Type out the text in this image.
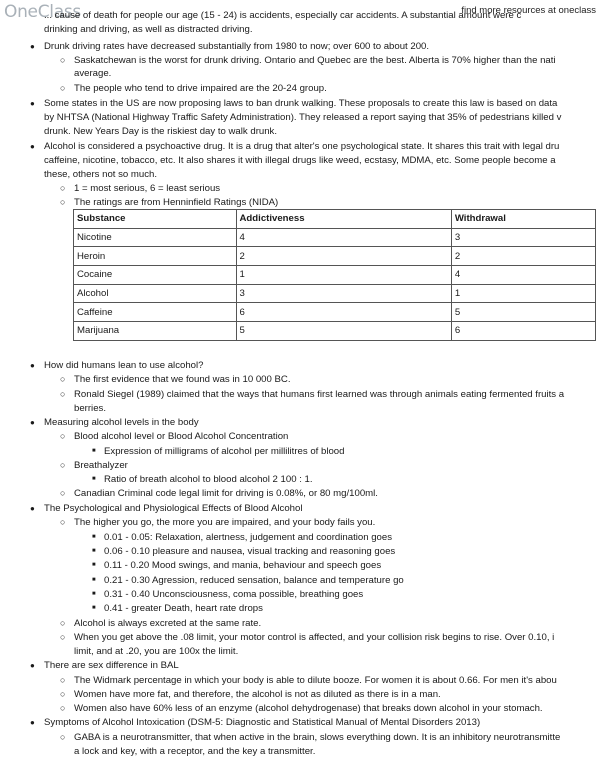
OneClass	find more resources at oneclass
... cause of death for people our age (15 - 24) is accidents, especially car accidents. A substantial amount were c
drinking and driving, as well as distracted driving.
● Drunk driving rates have decreased substantially from 1980 to now; over 600 to about 200.
○ Saskatchewan is the worst for drunk driving. Ontario and Quebec are the best. Alberta is 70% higher than the nati
average.
○ The people who tend to drive impaired are the 20-24 group.
● Some states in the US are now proposing laws to ban drunk walking. These proposals to create this law is based on data
by NHTSA (National Highway Traffic Safety Administration). They released a report saying that 35% of pedestrians killed v
drunk. New Years Day is the riskiest day to walk drunk.
● Alcohol is considered a psychoactive drug. It is a drug that alter's one psychological state. It shares this trait with legal dru
caffeine, nicotine, tobacco, etc. It also shares it with illegal drugs like weed, ecstasy, MDMA, etc. Some people become a
these, others not so much.
○ 1 = most serious, 6 = least serious
○ The ratings are from Henninfield Ratings (NIDA)
Substance	Addictiveness	Withdrawal
Nicotine	4	3
Heroin	2	2
Cocaine	1	4
Alcohol	3	1
Caffeine	6	5
Marijuana	5	6
● How did humans lean to use alcohol?
○ The first evidence that we found was in 10 000 BC.
○ Ronald Siegel (1989) claimed that the ways that humans first learned was through animals eating fermented fruits a
berries.
● Measuring alcohol levels in the body
○ Blood alcohol level or Blood Alcohol Concentration
■ Expression of milligrams of alcohol per millilitres of blood
○ Breathalyzer
■ Ratio of breath alcohol to blood alcohol 2 100 : 1.
○ Canadian Criminal code legal limit for driving is 0.08%, or 80 mg/100ml.
● The Psychological and Physiological Effects of Blood Alcohol
○ The higher you go, the more you are impaired, and your body fails you.
■ 0.01 - 0.05: Relaxation, alertness, judgement and coordination goes
■ 0.06 - 0.10 pleasure and nausea, visual tracking and reasoning goes
■ 0.11 - 0.20 Mood swings, and mania, behaviour and speech goes
■ 0.21 - 0.30 Agression, reduced sensation, balance and temperature go
■ 0.31 - 0.40 Unconsciousness, coma possible, breathing goes
■ 0.41 - greater Death, heart rate drops
○ Alcohol is always excreted at the same rate.
○ When you get above the .08 limit, your motor control is affected, and your collision risk begins to rise. Over 0.10, i
limit, and at .20, you are 100x the limit.
● There are sex difference in BAL
○ The Widmark percentage in which your body is able to dilute booze. For women it is about 0.66. For men it's abou
○ Women have more fat, and therefore, the alcohol is not as diluted as there is in a man.
○ Women also have 60% less of an enzyme (alcohol dehydrogenase) that breaks down alcohol in your stomach.
● Symptoms of Alcohol Intoxication (DSM-5: Diagnostic and Statistical Manual of Mental Disorders 2013)
○ GABA is a neurotransmitter, that when active in the brain, slows everything down. It is an inhibitory neurotransmitte
a lock and key, with a receptor, and the key a transmitter.
